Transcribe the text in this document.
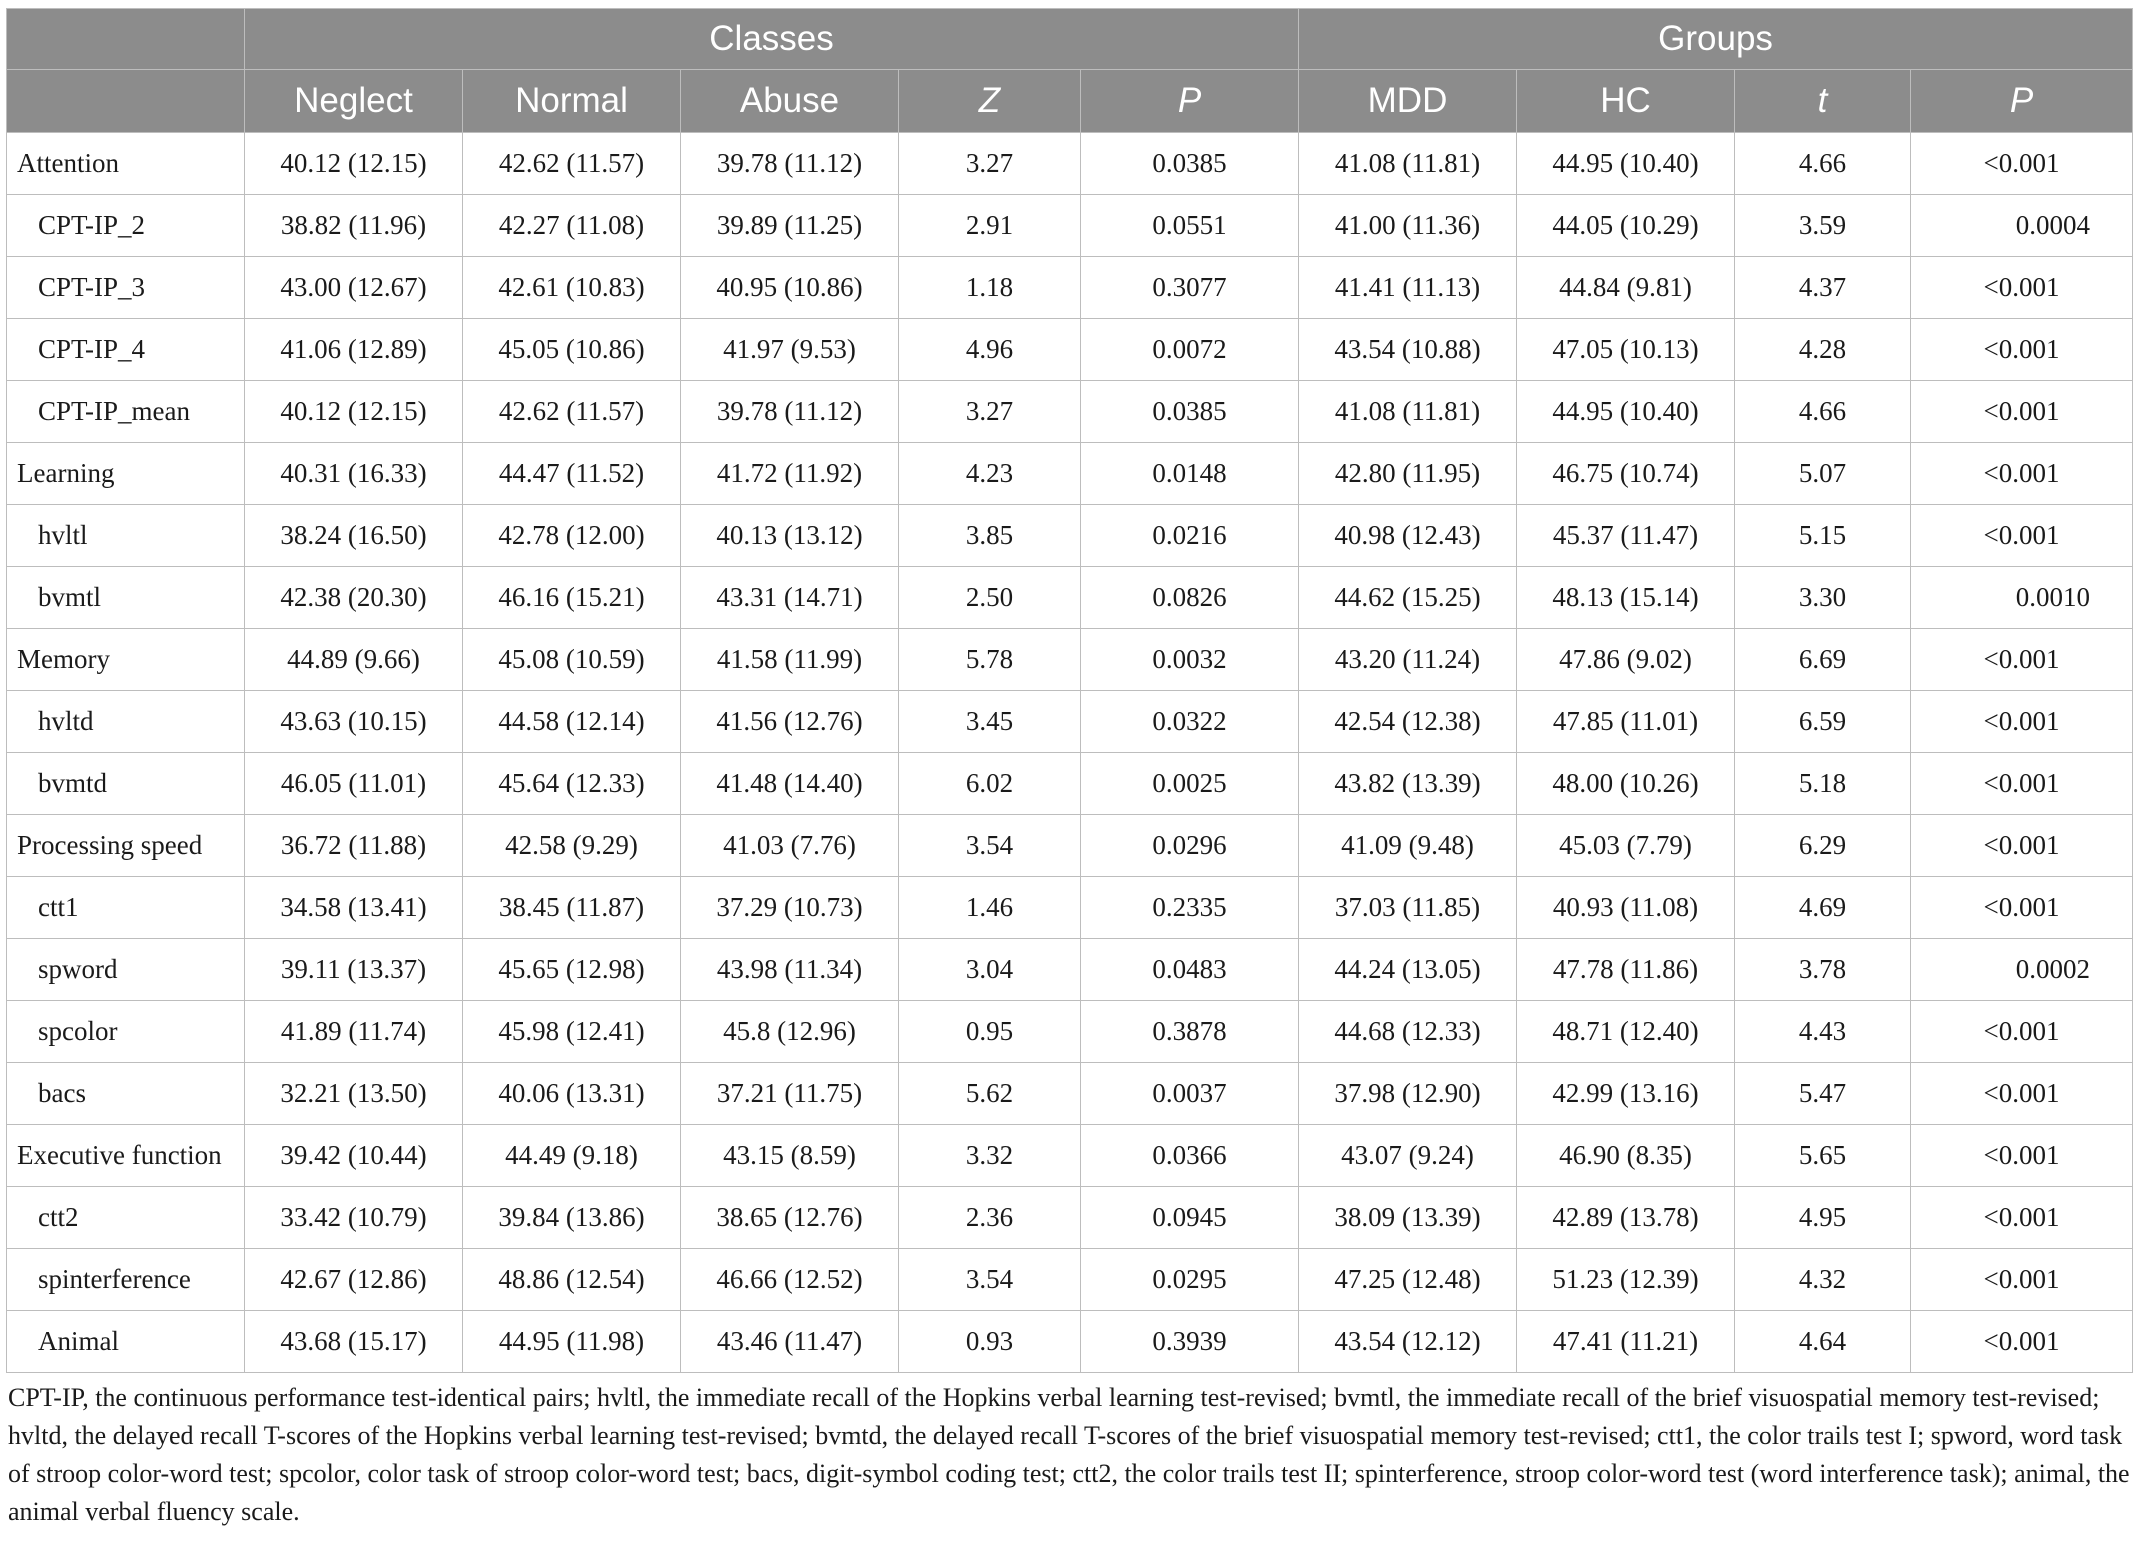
	Classes					Groups			
	Neglect	Normal	Abuse	Z	P	MDD	HC	t	P
Attention	40.12 (12.15)	42.62 (11.57)	39.78 (11.12)	3.27	0.0385	41.08 (11.81)	44.95 (10.40)	4.66	<0.001
CPT-IP_2	38.82 (11.96)	42.27 (11.08)	39.89 (11.25)	2.91	0.0551	41.00 (11.36)	44.05 (10.29)	3.59	0.0004
CPT-IP_3	43.00 (12.67)	42.61 (10.83)	40.95 (10.86)	1.18	0.3077	41.41 (11.13)	44.84 (9.81)	4.37	<0.001
CPT-IP_4	41.06 (12.89)	45.05 (10.86)	41.97 (9.53)	4.96	0.0072	43.54 (10.88)	47.05 (10.13)	4.28	<0.001
CPT-IP_mean	40.12 (12.15)	42.62 (11.57)	39.78 (11.12)	3.27	0.0385	41.08 (11.81)	44.95 (10.40)	4.66	<0.001
Learning	40.31 (16.33)	44.47 (11.52)	41.72 (11.92)	4.23	0.0148	42.80 (11.95)	46.75 (10.74)	5.07	<0.001
hvltl	38.24 (16.50)	42.78 (12.00)	40.13 (13.12)	3.85	0.0216	40.98 (12.43)	45.37 (11.47)	5.15	<0.001
bvmtl	42.38 (20.30)	46.16 (15.21)	43.31 (14.71)	2.50	0.0826	44.62 (15.25)	48.13 (15.14)	3.30	0.0010
Memory	44.89 (9.66)	45.08 (10.59)	41.58 (11.99)	5.78	0.0032	43.20 (11.24)	47.86 (9.02)	6.69	<0.001
hvltd	43.63 (10.15)	44.58 (12.14)	41.56 (12.76)	3.45	0.0322	42.54 (12.38)	47.85 (11.01)	6.59	<0.001
bvmtd	46.05 (11.01)	45.64 (12.33)	41.48 (14.40)	6.02	0.0025	43.82 (13.39)	48.00 (10.26)	5.18	<0.001
Processing speed	36.72 (11.88)	42.58 (9.29)	41.03 (7.76)	3.54	0.0296	41.09 (9.48)	45.03 (7.79)	6.29	<0.001
ctt1	34.58 (13.41)	38.45 (11.87)	37.29 (10.73)	1.46	0.2335	37.03 (11.85)	40.93 (11.08)	4.69	<0.001
spword	39.11 (13.37)	45.65 (12.98)	43.98 (11.34)	3.04	0.0483	44.24 (13.05)	47.78 (11.86)	3.78	0.0002
spcolor	41.89 (11.74)	45.98 (12.41)	45.8 (12.96)	0.95	0.3878	44.68 (12.33)	48.71 (12.40)	4.43	<0.001
bacs	32.21 (13.50)	40.06 (13.31)	37.21 (11.75)	5.62	0.0037	37.98 (12.90)	42.99 (13.16)	5.47	<0.001
Executive function	39.42 (10.44)	44.49 (9.18)	43.15 (8.59)	3.32	0.0366	43.07 (9.24)	46.90 (8.35)	5.65	<0.001
ctt2	33.42 (10.79)	39.84 (13.86)	38.65 (12.76)	2.36	0.0945	38.09 (13.39)	42.89 (13.78)	4.95	<0.001
spinterference	42.67 (12.86)	48.86 (12.54)	46.66 (12.52)	3.54	0.0295	47.25 (12.48)	51.23 (12.39)	4.32	<0.001
Animal	43.68 (15.17)	44.95 (11.98)	43.46 (11.47)	0.93	0.3939	43.54 (12.12)	47.41 (11.21)	4.64	<0.001
CPT-IP, the continuous performance test-identical pairs; hvltl, the immediate recall of the Hopkins verbal learning test-revised; bvmtl, the immediate recall of the brief visuospatial memory test-revised; hvltd, the delayed recall T-scores of the Hopkins verbal learning test-revised; bvmtd, the delayed recall T-scores of the brief visuospatial memory test-revised; ctt1, the color trails test I; spword, word task of stroop color-word test; spcolor, color task of stroop color-word test; bacs, digit-symbol coding test; ctt2, the color trails test II; spinterference, stroop color-word test (word interference task); animal, the animal verbal fluency scale.
